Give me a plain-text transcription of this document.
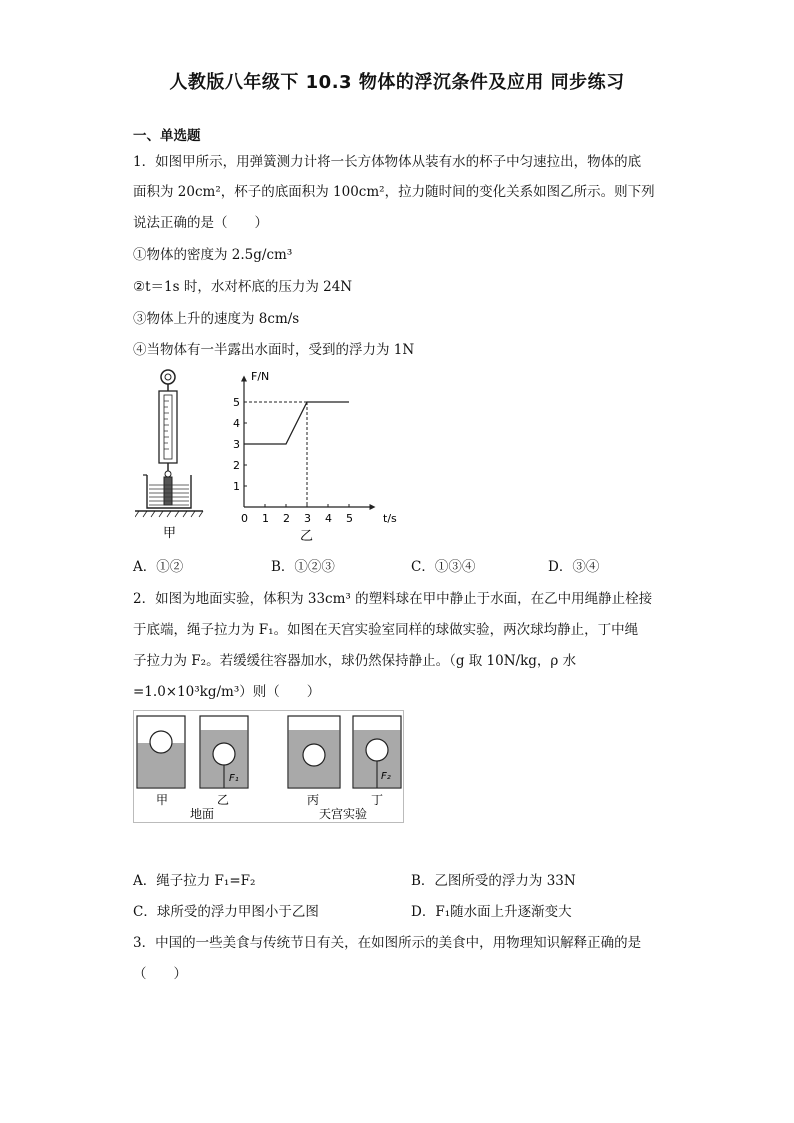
人教版八年级下 10.3 物体的浮沉条件及应用 同步练习
一、单选题
1．如图甲所示，用弹簧测力计将一长方体物体从装有水的杯子中匀速拉出，物体的底
面积为 20cm²，杯子的底面积为 100cm²，拉力随时间的变化关系如图乙所示。则下列
说法正确的是（　　）
①物体的密度为 2.5g/cm³
②t＝1s 时，水对杯底的压力为 24N
③物体上升的速度为 8cm/s
④当物体有一半露出水面时，受到的浮力为 1N
甲	乙
0 1 2 3 4 5
1
2
3
4
5
F/N
t/s
A．①②	B．①②③	C．①③④	D．③④
2．如图为地面实验，体积为 33cm³ 的塑料球在甲中静止于水面，在乙中用绳静止栓接
于底端，绳子拉力为 F₁。如图在天宫实验室同样的球做实验，两次球均静止，丁中绳
子拉力为 F₂。若缓缓往容器加水，球仍然保持静止。（g 取 10N/kg，ρ 水
=1.0×10³kg/m³）则（　　）
F₁	F₂
甲	乙	丙	丁
地面	天宫实验
A．绳子拉力 F₁=F₂	B．乙图所受的浮力为 33N
C．球所受的浮力甲图小于乙图	D．F₁随水面上升逐渐变大
3．中国的一些美食与传统节日有关，在如图所示的美食中，用物理知识解释正确的是
（　　）
